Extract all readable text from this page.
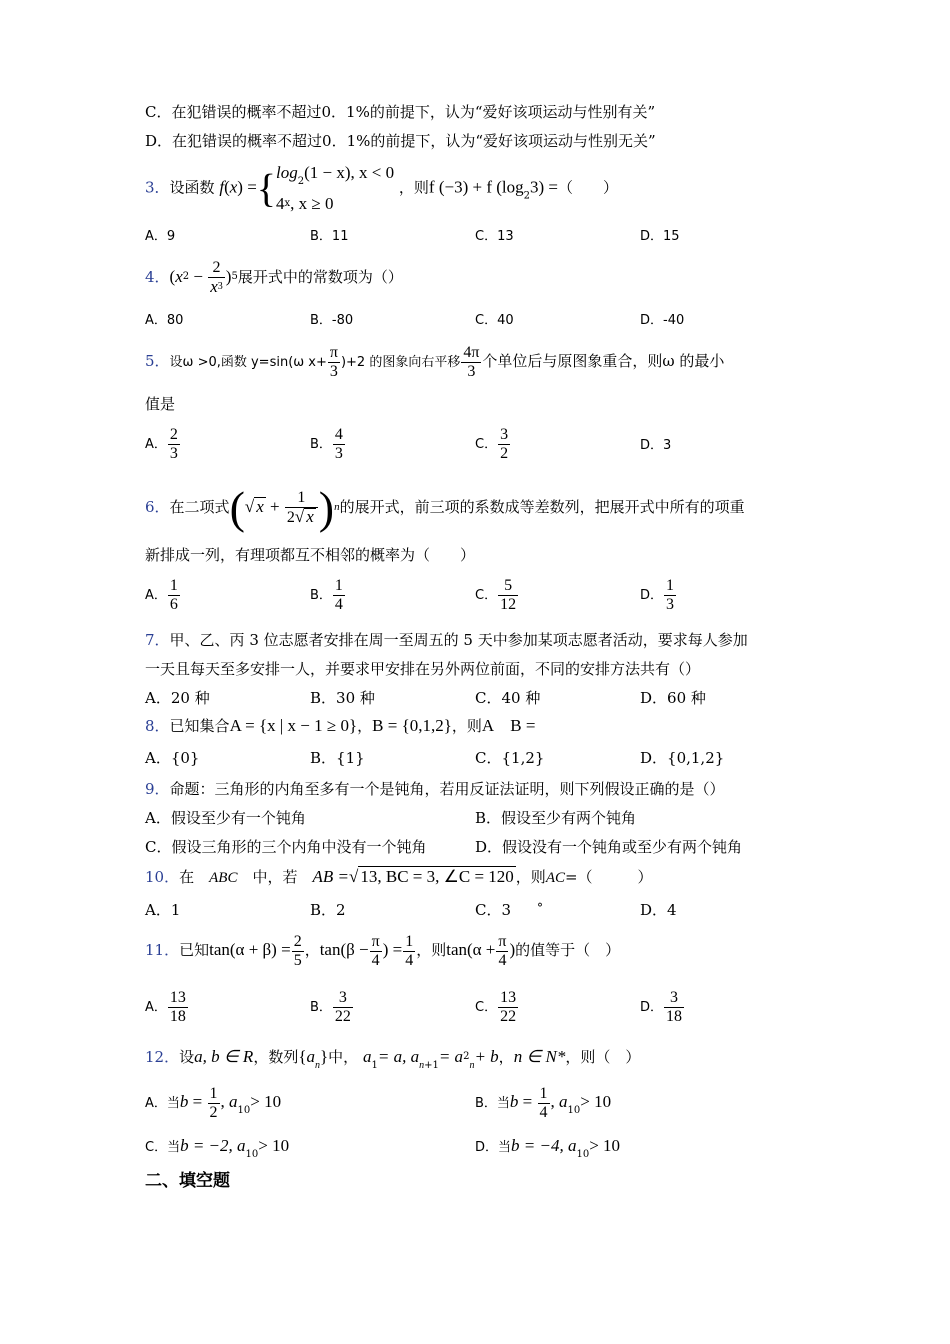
C．在犯错误的概率不超过0．1%的前提下，认为“爱好该项运动与性别有关”
D．在犯错误的概率不超过0．1%的前提下，认为“爱好该项运动与性别无关”
3．设函数 f(x) ={ $\log_2(1 - x)$, x < 0
4$^x$, x ≥ 0
，则f (−3) + f $(\log_23)$ =（　　）
A．9	B．11	C．13	D．15
4．$(x^2 - \frac{2}{x^3} )^5$展开式中的常数项为（）
A．80	B．-80	C．40	D．-40
5．设ω >0,函数 y=sin(ω $x+ \frac{\pi}{3} )+2$ 的图象向右平移 $\frac{4\pi}{3}$ 个单位后与原图象重合，则ω 的最小
值是
A． $\frac{2}{3}$	B． $\frac{4}{3}$	C． $\frac{3}{2}$	D．3
6．在二项式(√ $x + \frac{1}{2√ x} )^n$的展开式，前三项的系数成等差数列，把展开式中所有的项重
新排成一列，有理项都互不相邻的概率为（　　）
A． $\frac{1}{6}$	B． $\frac{1}{4}$	C． $\frac{5}{12}$	D． $\frac{1}{3}$
7．甲、乙、丙 3 位志愿者安排在周一至周五的 5 天中参加某项志愿者活动，要求每人参加
一天且每天至多安排一人，并要求甲安排在另外两位前面，不同的安排方法共有（）
A．20 种	B．30 种	C．40 种	D．60 种
8．已知集合A = {x | x − 1 ≥ 0}，B = {0,1,2}，则A　B =
A．{0}	B．{1}	C．{1,2}	D．{0,1,2}
9．命题：三角形的内角至多有一个是钝角，若用反证法证明，则下列假设正确的是（）
A．假设至少有一个钝角	B．假设至少有两个钝角
C．假设三角形的三个内角中没有一个钝角	D．假设没有一个钝角或至少有两个钝角
10．在　 ABC　 中，若　 AB =√ 13, BC = 3, ∠C = 120 ，则AC=（　　　）
A．1	B．2	C．3 °	D．4
11．已知$\tan(\alpha + \beta) = \frac{2}{5}$ ，$\tan(\beta - \frac{\pi}{4}$ ) = $\frac{1}{4}$ ，则$\tan(\alpha + \frac{\pi}{4}$ )的值等于（　）
A． $\frac{13}{18}$	B． $\frac{3}{22}$	C． $\frac{13}{22}$	D． $\frac{3}{18}$
12．设a, b ∈ R，数列$\{a_n\}$中， $a_1= a$, $a_{n+1}= a^2_n+ b$，n ∈ N*，则（　）
A．当$b = \frac{1}{2}$ , $a_{10}> 10$	B．当$b = \frac{1}{4}$ , $a_{10}> 10$
C．当b = −2, $a_{10}> 10$	D．当b = −4, $a_{10}> 10$
二、填空题
